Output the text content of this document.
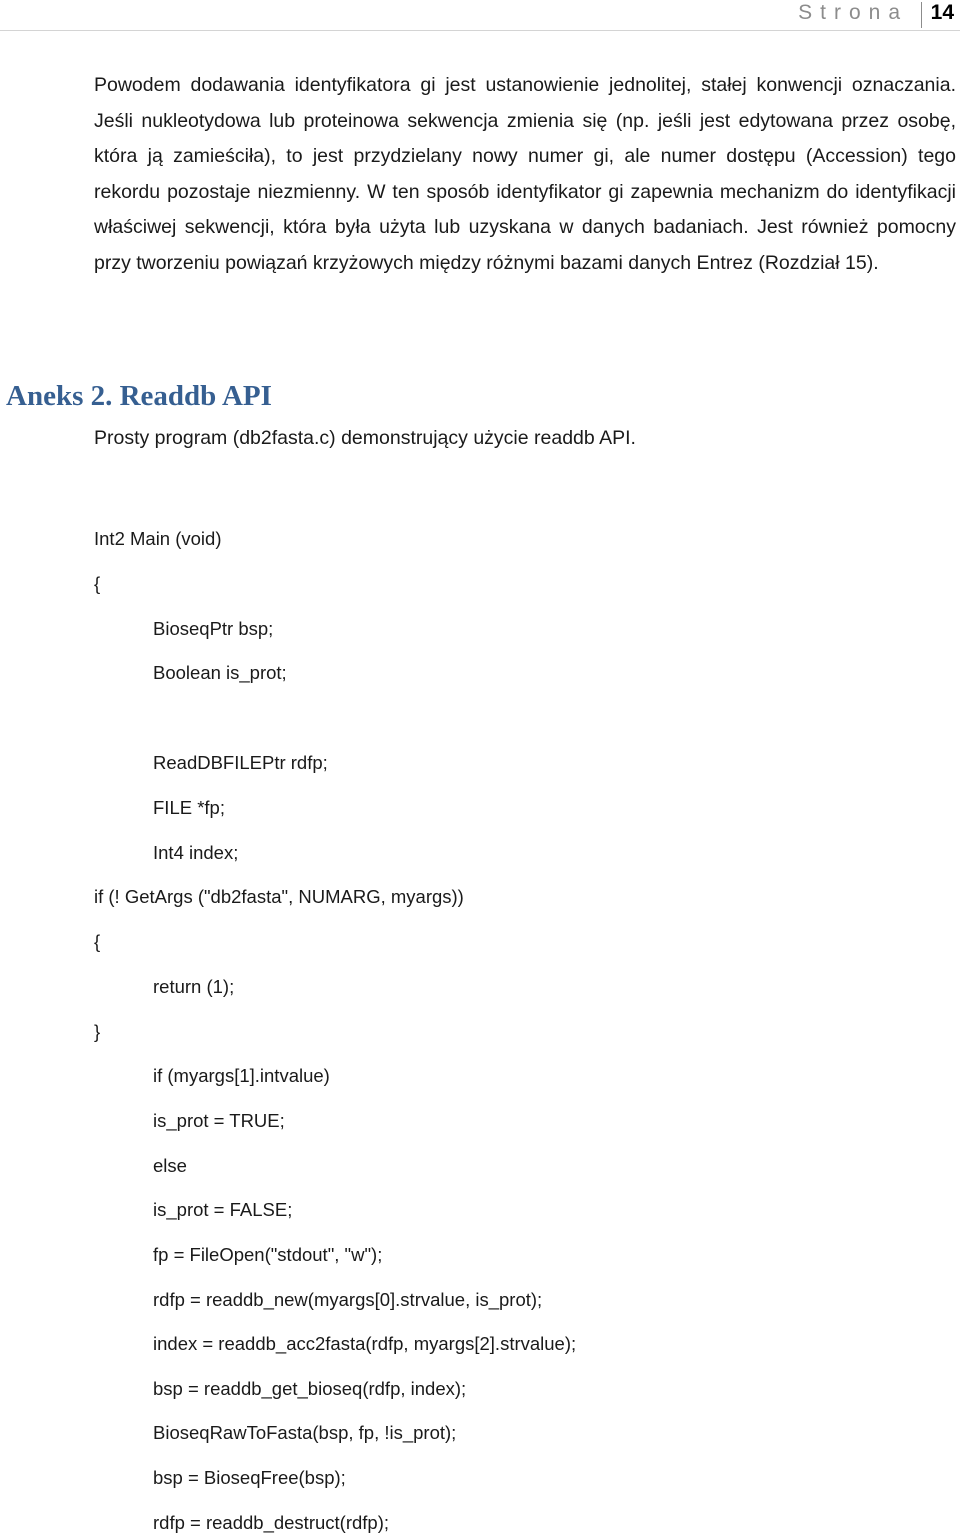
Strona 14

Powodem dodawania identyfikatora gi jest ustanowienie jednolitej, stałej konwencji oznaczania. Jeśli nukleotydowa lub proteinowa sekwencja zmienia się (np. jeśli jest edytowana przez osobę, która ją zamieściła), to jest przydzielany nowy numer gi, ale numer dostępu (Accession) tego rekordu pozostaje niezmienny. W ten sposób identyfikator gi zapewnia mechanizm do identyfikacji właściwej sekwencji, która była użyta lub uzyskana w danych badaniach. Jest również pomocny przy tworzeniu powiązań krzyżowych między różnymi bazami danych Entrez (Rozdział 15).

Aneks 2. Readdb API

Prosty program (db2fasta.c) demonstrujący użycie readdb API.

Int2 Main (void)
{
BioseqPtr bsp;
Boolean is_prot;
ReadDBFILEPtr rdfp;
FILE *fp;
Int4 index;
if (! GetArgs ("db2fasta", NUMARG, myargs))
{
return (1);
}
if (myargs[1].intvalue)
is_prot = TRUE;
else
is_prot = FALSE;
fp = FileOpen("stdout", "w");
rdfp = readdb_new(myargs[0].strvalue, is_prot);
index = readdb_acc2fasta(rdfp, myargs[2].strvalue);
bsp = readdb_get_bioseq(rdfp, index);
BioseqRawToFasta(bsp, fp, !is_prot);
bsp = BioseqFree(bsp);
rdfp = readdb_destruct(rdfp);
